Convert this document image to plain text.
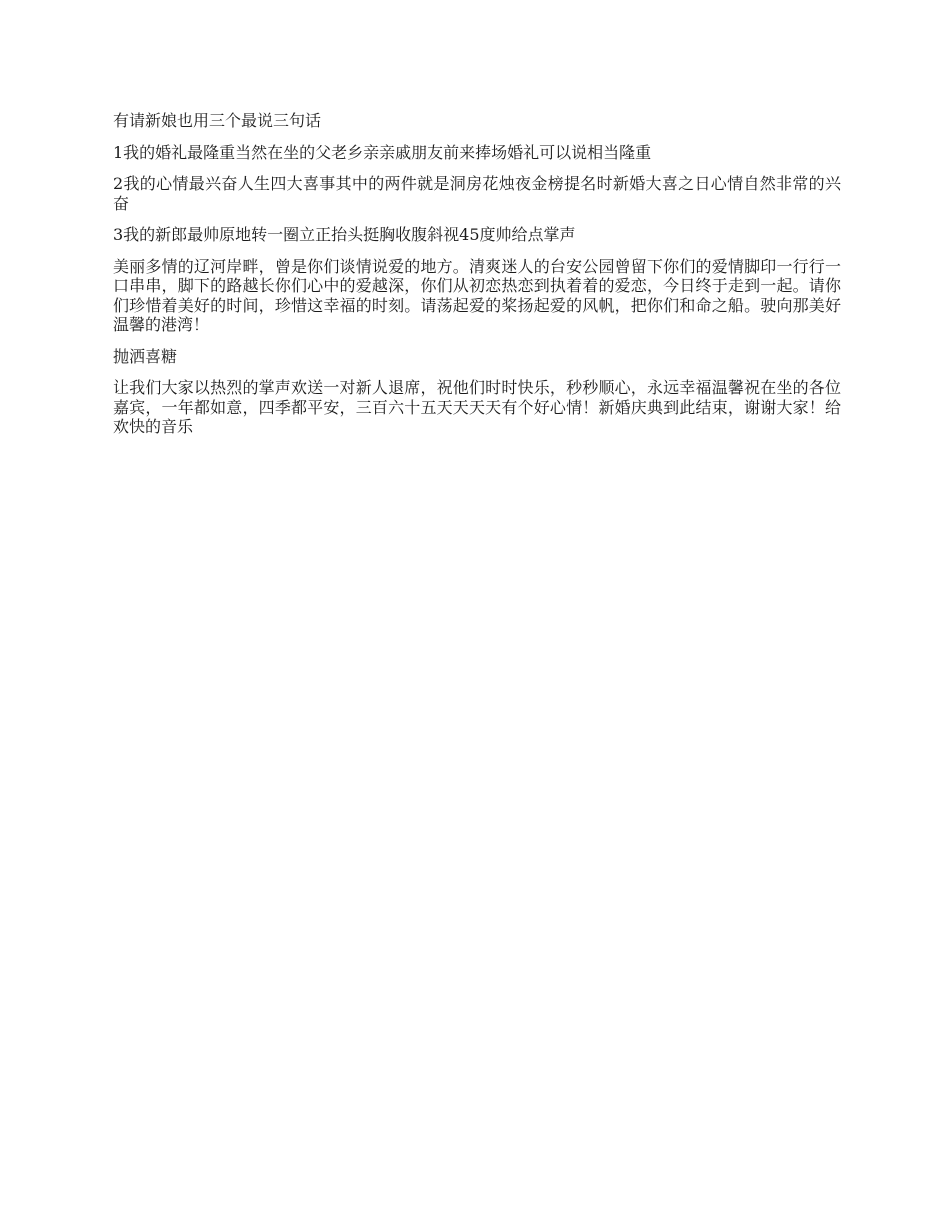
有请新娘也用三个最说三句话

1我的婚礼最隆重当然在坐的父老乡亲亲戚朋友前来捧场婚礼可以说相当隆重

2我的心情最兴奋人生四大喜事其中的两件就是洞房花烛夜金榜提名时新婚大喜之日心情自然非常的兴奋

3我的新郎最帅原地转一圈立正抬头挺胸收腹斜视45度帅给点掌声

美丽多情的辽河岸畔，曾是你们谈情说爱的地方。清爽迷人的台安公园曾留下你们的爱情脚印一行行一口串串，脚下的路越长你们心中的爱越深，你们从初恋热恋到执着着的爱恋，今日终于走到一起。请你们珍惜着美好的时间，珍惜这幸福的时刻。请荡起爱的桨扬起爱的风帆，把你们和命之船。驶向那美好温馨的港湾！

抛洒喜糖

让我们大家以热烈的掌声欢送一对新人退席，祝他们时时快乐，秒秒顺心，永远幸福温馨祝在坐的各位嘉宾，一年都如意，四季都平安，三百六十五天天天天有个好心情！新婚庆典到此结束，谢谢大家！给欢快的音乐
